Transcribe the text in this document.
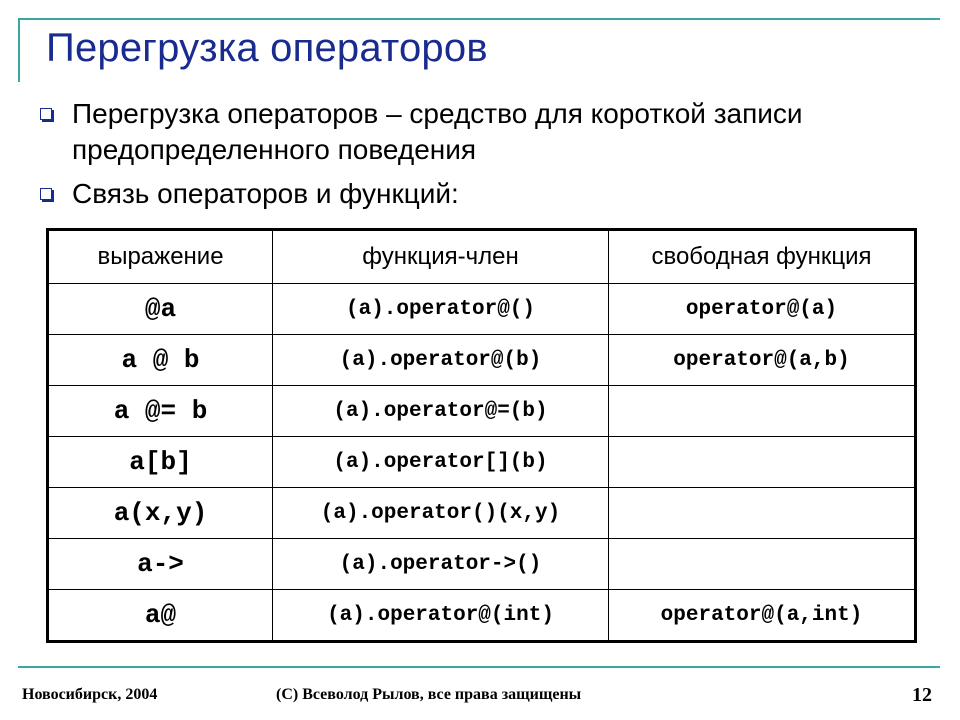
Перегрузка операторов
Перегрузка операторов – средство для короткой записи предопределенного поведения
Связь операторов и функций:
выражение	функция-член	свободная функция
@a	(a).operator@()	operator@(a)
a @ b	(a).operator@(b)	operator@(a,b)
a @= b	(a).operator@=(b)	
a[b]	(a).operator[](b)	
a(x,y)	(a).operator()(x,y)	
a->	(a).operator->()	
a@	(a).operator@(int)	operator@(a,int)
Новосибирск, 2004	(C) Всеволод Рылов, все права защищены	12
